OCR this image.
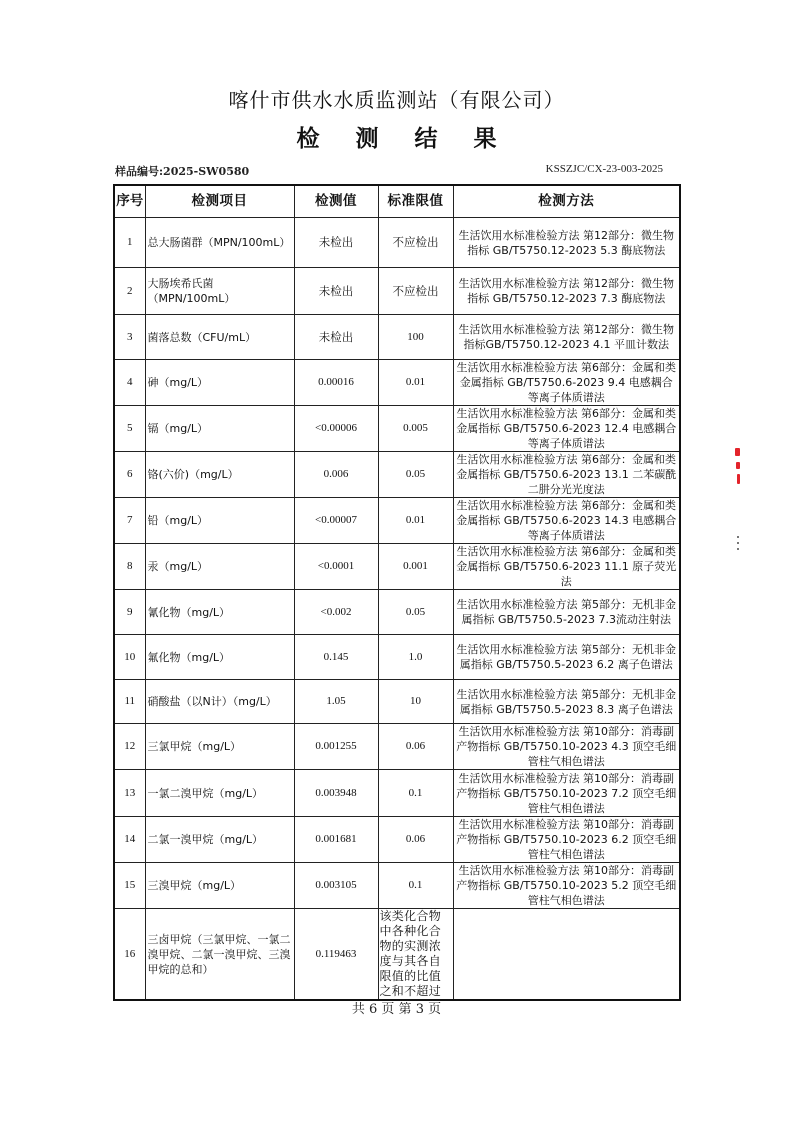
喀什市供水水质监测站（有限公司）
检 测 结 果
样品编号:2025-SW0580	KSSZJC/CX-23-003-2025
序号	检测项目	检测值	标准限值	检测方法
1	总大肠菌群（MPN/100mL）	未检出	不应检出	生活饮用水标准检验方法 第12部分：微生物指标 GB/T5750.12-2023 5.3 酶底物法
2	大肠埃希氏菌（MPN/100mL）	未检出	不应检出	生活饮用水标准检验方法 第12部分：微生物指标 GB/T5750.12-2023 7.3 酶底物法
3	菌落总数（CFU/mL）	未检出	100	生活饮用水标准检验方法 第12部分：微生物指标GB/T5750.12-2023 4.1 平皿计数法
4	砷（mg/L）	0.00016	0.01	生活饮用水标准检验方法 第6部分：金属和类金属指标 GB/T5750.6-2023 9.4 电感耦合等离子体质谱法
5	镉（mg/L）	<0.00006	0.005	生活饮用水标准检验方法 第6部分：金属和类金属指标 GB/T5750.6-2023 12.4 电感耦合等离子体质谱法
6	铬(六价)（mg/L）	0.006	0.05	生活饮用水标准检验方法 第6部分：金属和类金属指标 GB/T5750.6-2023 13.1 二苯碳酰二肼分光光度法
7	铅（mg/L）	<0.00007	0.01	生活饮用水标准检验方法 第6部分：金属和类金属指标 GB/T5750.6-2023 14.3 电感耦合等离子体质谱法
8	汞（mg/L）	<0.0001	0.001	生活饮用水标准检验方法 第6部分：金属和类金属指标 GB/T5750.6-2023 11.1 原子荧光法
9	氰化物（mg/L）	<0.002	0.05	生活饮用水标准检验方法 第5部分：无机非金属指标 GB/T5750.5-2023 7.3流动注射法
10	氟化物（mg/L）	0.145	1.0	生活饮用水标准检验方法 第5部分：无机非金属指标 GB/T5750.5-2023 6.2 离子色谱法
11	硝酸盐（以N计）（mg/L）	1.05	10	生活饮用水标准检验方法 第5部分：无机非金属指标 GB/T5750.5-2023 8.3 离子色谱法
12	三氯甲烷（mg/L）	0.001255	0.06	生活饮用水标准检验方法 第10部分：消毒副产物指标 GB/T5750.10-2023 4.3 顶空毛细管柱气相色谱法
13	一氯二溴甲烷（mg/L）	0.003948	0.1	生活饮用水标准检验方法 第10部分：消毒副产物指标 GB/T5750.10-2023 7.2 顶空毛细管柱气相色谱法
14	二氯一溴甲烷（mg/L）	0.001681	0.06	生活饮用水标准检验方法 第10部分：消毒副产物指标 GB/T5750.10-2023 6.2 顶空毛细管柱气相色谱法
15	三溴甲烷（mg/L）	0.003105	0.1	生活饮用水标准检验方法 第10部分：消毒副产物指标 GB/T5750.10-2023 5.2 顶空毛细管柱气相色谱法
16	三卤甲烷（三氯甲烷、一氯二溴甲烷、二氯一溴甲烷、三溴甲烷的总和）	0.119463	该类化合物中各种化合物的实测浓度与其各自限值的比值之和不超过	
共 6 页 第 3 页
